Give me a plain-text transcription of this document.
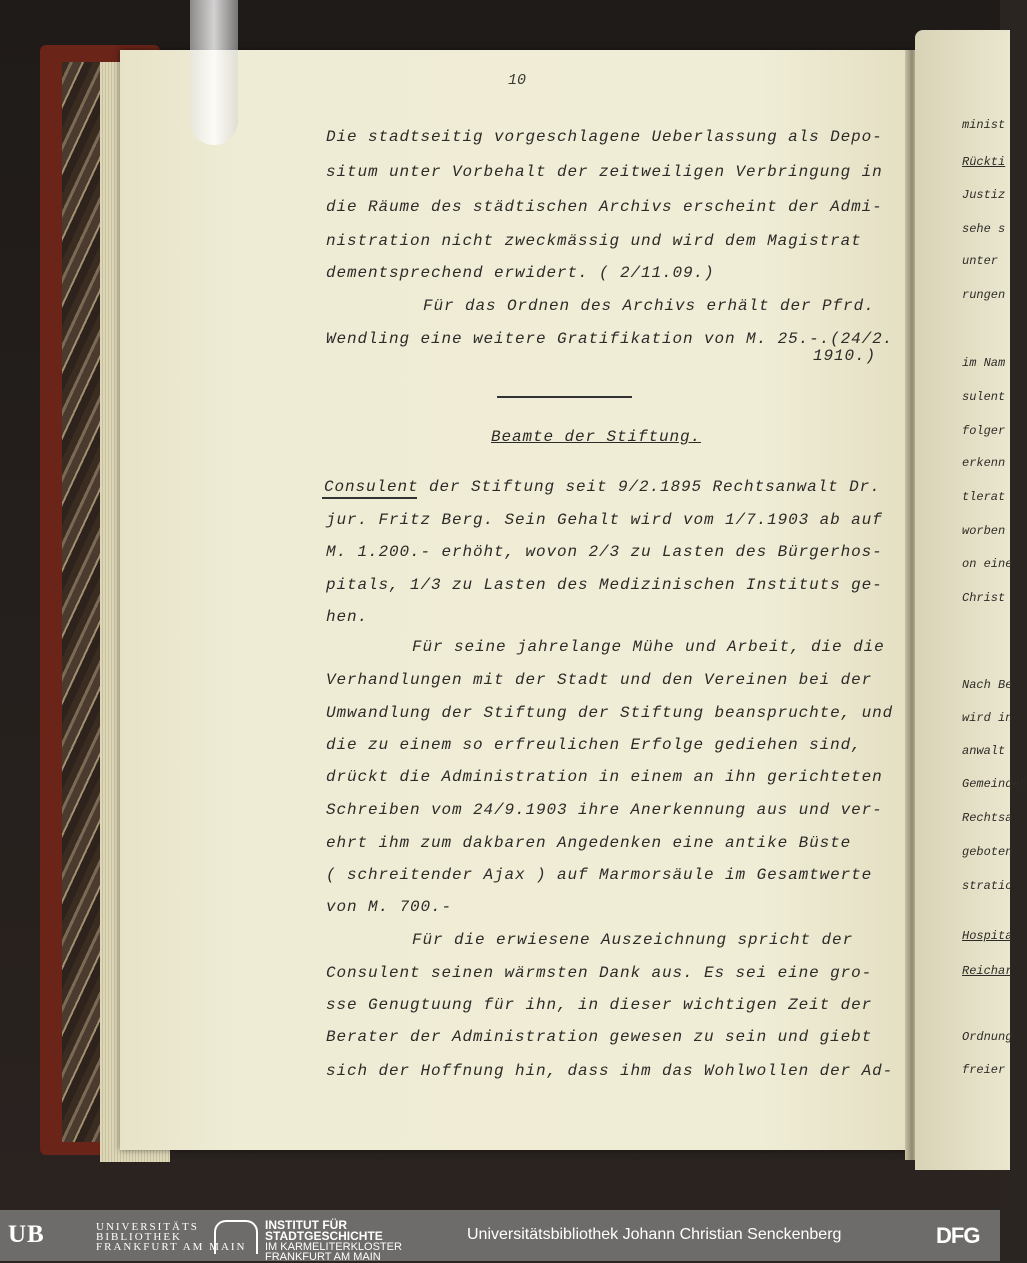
10
Die stadtseitig vorgeschlagene Ueberlassung als Depo-
situm unter Vorbehalt der zeitweiligen Verbringung in
die Räume des städtischen Archivs erscheint der Admi-
nistration nicht zweckmässig und wird dem Magistrat
dementsprechend erwidert. ( 2/11.09.)
Für das Ordnen des Archivs erhält der Pfrd.
Wendling eine weitere Gratifikation von M. 25.-.(24/2.
1910.)
Beamte der Stiftung.
Consulent der Stiftung seit 9/2.1895 Rechtsanwalt Dr.
jur. Fritz Berg. Sein Gehalt wird vom 1/7.1903 ab auf
M. 1.200.- erhöht, wovon 2/3 zu Lasten des Bürgerhos-
pitals, 1/3 zu Lasten des Medizinischen Instituts ge-
hen.
Für seine jahrelange Mühe und Arbeit, die die
Verhandlungen mit der Stadt und den Vereinen bei der
Umwandlung der Stiftung der Stiftung beanspruchte, und
die zu einem so erfreulichen Erfolge gediehen sind,
drückt die Administration in einem an ihn gerichteten
Schreiben vom 24/9.1903 ihre Anerkennung aus und ver-
ehrt ihm zum dakbaren Angedenken eine antike Büste
( schreitender Ajax ) auf Marmorsäule im Gesamtwerte
von M. 700.-
Für die erwiesene Auszeichnung spricht der
Consulent seinen wärmsten Dank aus. Es sei eine gro-
sse Genugtuung für ihn, in dieser wichtigen Zeit der
Berater der Administration gewesen zu sein und giebt
sich der Hoffnung hin, dass ihm das Wohlwollen der Ad-
minist
Rückti
Justiz
sehe s
unter
rungen
im Nam
sulent
folger
erkenn
tlerat
worben
on eine
Christ
Nach Be
wird in
anwalt
Gemeindeh
Rechtsa
geboten
stratio
Hospita
Reichar
Ordnung
freier
UB	UNIVERSITÄTS
BIBLIOTHEK
FRANKFURT AM MAIN
INSTITUT FÜR
STADTGESCHICHTE
IM KARMELITERKLOSTER
FRANKFURT AM MAIN
Universitätsbibliothek Johann Christian Senckenberg	DFG
